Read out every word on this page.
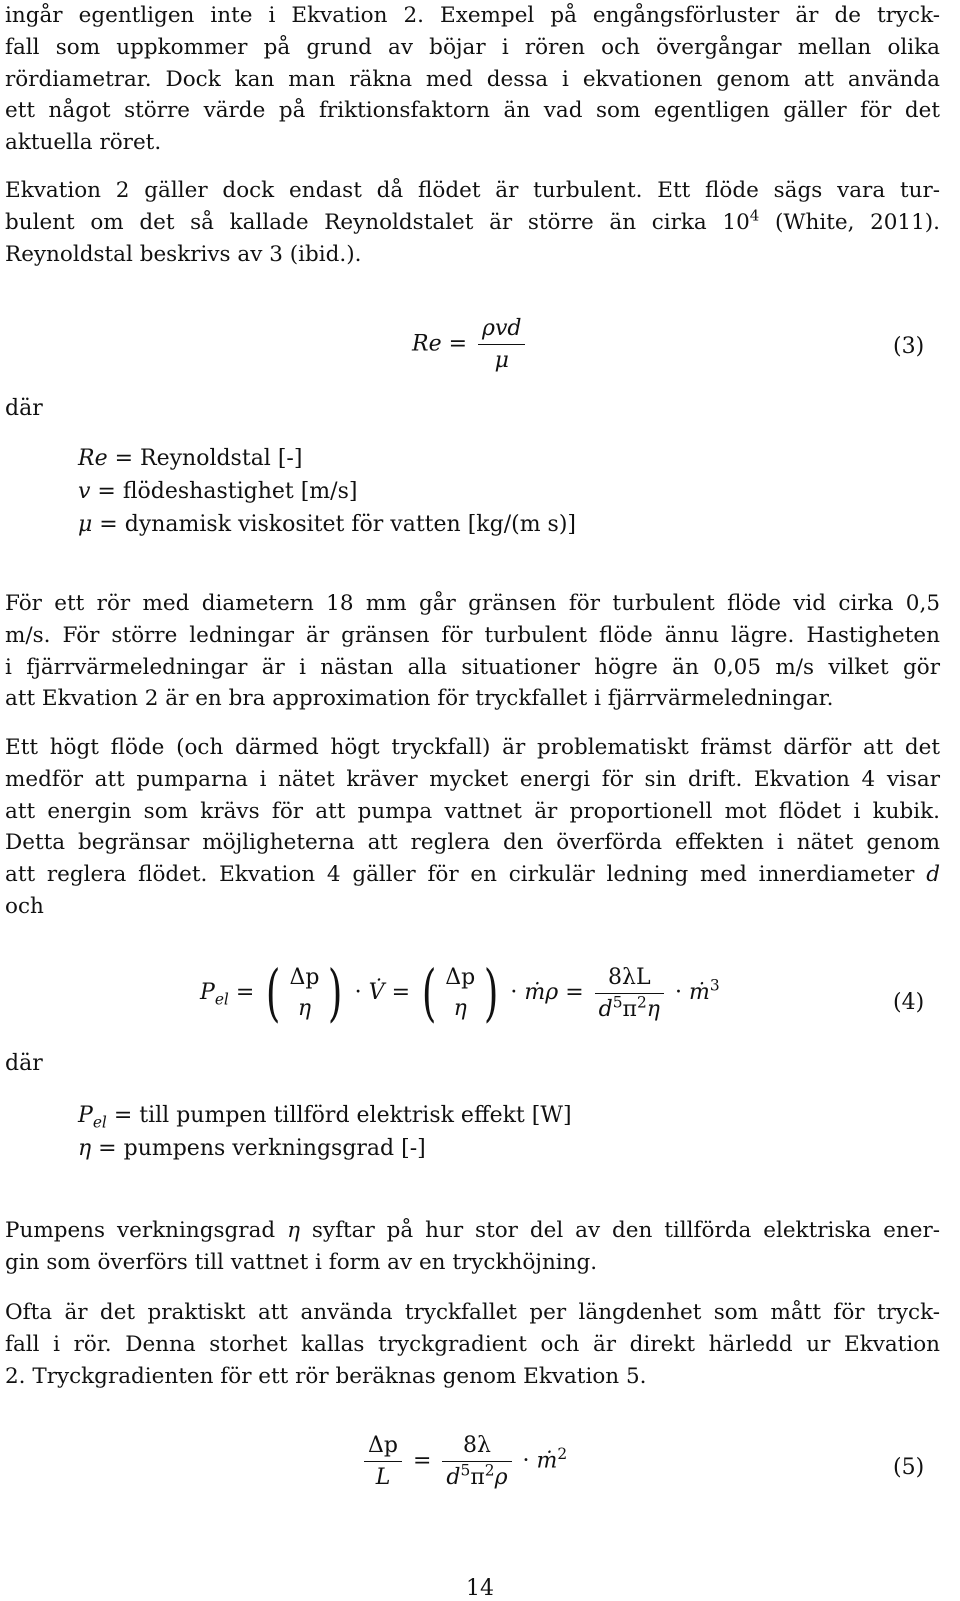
ingår egentligen inte i Ekvation 2. Exempel på engångsförluster är de tryck-
fall som uppkommer på grund av böjar i rören och övergångar mellan olika
rördiametrar. Dock kan man räkna med dessa i ekvationen genom att använda
ett något större värde på friktionsfaktorn än vad som egentligen gäller för det
aktuella röret.
Ekvation 2 gäller dock endast då flödet är turbulent. Ett flöde sägs vara tur-
bulent om det så kallade Reynoldstalet är större än cirka $10^4$ (White, 2011).
Reynoldstal beskrivs av 3 (ibid.).
$Re = \frac{\text{ρvd}}{\mu}$	(3)
där
Re = Reynoldstal [-]
v = flödeshastighet [m/s]
μ = dynamisk viskositet för vatten [kg/(m s)]
För ett rör med diametern 18 mm går gränsen för turbulent flöde vid cirka 0,5
m/s. För större ledningar är gränsen för turbulent flöde ännu lägre. Hastigheten
i fjärrvärmeledningar är i nästan alla situationer högre än 0,05 m/s vilket gör
att Ekvation 2 är en bra approximation för tryckfallet i fjärrvärmeledningar.
Ett högt flöde (och därmed högt tryckfall) är problematiskt främst därför att det
medför att pumparna i nätet kräver mycket energi för sin drift. Ekvation 4 visar
att energin som krävs för att pumpa vattnet är proportionell mot flödet i kubik.
Detta begränsar möjligheterna att reglera den överförda effekten i nätet genom
att reglera flödet. Ekvation 4 gäller för en cirkulär ledning med innerdiameter d
och
$P_{el}$ = ( Δp
η ) · V̇ = ( Δp
η ) · ṁρ = $\frac{8\lambda L}{d^5\pi^2\eta}$ · ṁ$^3$
(4)
där
$P_{el}$ = till pumpen tillförd elektrisk effekt [W]
η = pumpens verkningsgrad [-]
Pumpens verkningsgrad η syftar på hur stor del av den tillförda elektriska ener-
gin som överförs till vattnet i form av en tryckhöjning.
Ofta är det praktiskt att använda tryckfallet per längdenhet som mått för tryck-
fall i rör. Denna storhet kallas tryckgradient och är direkt härledd ur Ekvation
2. Tryckgradienten för ett rör beräknas genom Ekvation 5.
$\frac{\Delta p}{L} = \frac{8\lambda}{d^5\pi^2\rho}$ · ṁ$^2$
(5)
14
